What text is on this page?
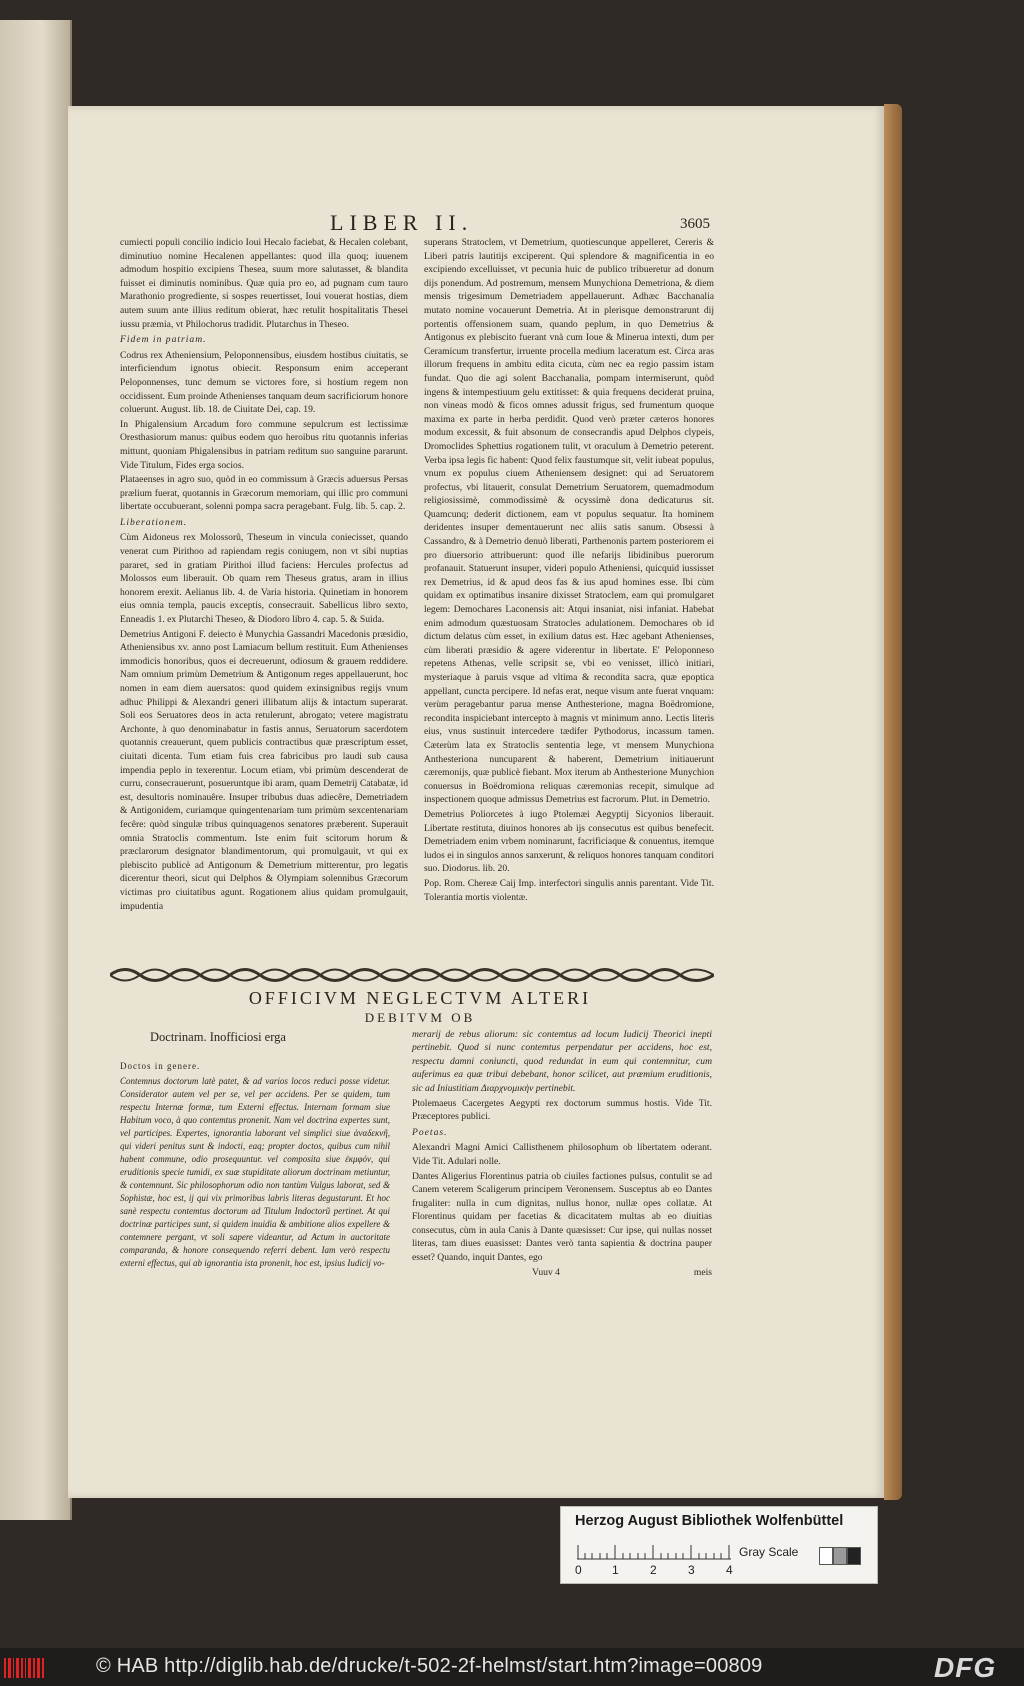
LIBER II.	3605

cumiecti populi concilio indicio Ioui Hecalo faciebat, & Hecalen colebant, diminutiuo nomine Hecalenen appellantes: quod illa quoq; iuuenem admodum hospitio excipiens Thesea, suum more salutasset, & blandita fuisset ei diminutis nominibus. Quæ quia pro eo, ad pugnam cum tauro Marathonio progrediente, si sospes reuertisset, Ioui vouerat hostias, diem autem suum ante illius reditum obierat, hæc retulit hospitalitatis Thesei iussu præmia, vt Philochorus tradidit. Plutarchus in Theseo.

Fidem in patriam.

Codrus rex Atheniensium, Peloponnensibus, eiusdem hostibus ciuitatis, se interficiendum ignotus obiecit. Responsum enim acceperant Peloponnenses, tunc demum se victores fore, si hostium regem non occidissent. Eum proinde Athenienses tanquam deum sacrificiorum honore coluerunt. August. lib. 18. de Ciuitate Dei, cap. 19.

In Phigalensium Arcadum foro commune sepulcrum est lectissimæ Oresthasiorum manus: quibus eodem quo heroibus ritu quotannis inferias mittunt, quoniam Phigalensibus in patriam reditum suo sanguine pararunt. Vide Titulum, Fides erga socios.

Plataeenses in agro suo, quòd in eo commissum à Græcis aduersus Persas prælium fuerat, quotannis in Græcorum memoriam, qui illic pro communi libertate occubuerant, solenni pompa sacra peragebant. Fulg. lib. 5. cap. 2.

Liberationem.

Cùm Aidoneus rex Molossorũ, Theseum in vincula coniecisset, quando venerat cum Pirithoo ad rapiendam regis coniugem, non vt sibi nuptias pararet, sed in gratiam Pirithoi illud faciens: Hercules profectus ad Molossos eum liberauit. Ob quam rem Theseus gratus, aram in illius honorem erexit. Aelianus lib. 4. de Varia historia. Quinetiam in honorem eius omnia templa, paucis exceptis, consecrauit. Sabellicus libro sexto, Enneadis 1. ex Plutarchi Theseo, & Diodoro libro 4. cap. 5. & Suida.

Demetrius Antigoni F. deiecto è Munychia Gassandri Macedonis præsidio, Atheniensibus xv. anno post Lamiacum bellum restituit. Eum Athenienses immodicis honoribus, quos ei decreuerunt, odiosum & grauem reddidere. Nam omnium primùm Demetrium & Antigonum reges appellauerunt, hoc nomen in eam diem auersatos: quod quidem exinsignibus regijs vnum adhuc Philippi & Alexandri generi illibatum alijs & intactum superarat. Soli eos Seruatores deos in acta retulerunt, abrogato; vetere magistratu Archonte, à quo denominabatur in fastis annus, Seruatorum sacerdotem quotannis creauerunt, quem publicis contractibus quæ præscriptum esset, ciuitati dicenta. Tum etiam fuis crea fabricibus pro laudi sub causa impendia peplo in texerentur. Locum etiam, vbi primùm descenderat de curru, consecrauerunt, posueruntque ibi aram, quam Demetrij Catabatæ, id est, desultoris nominauêre. Insuper tribubus duas adiecêre, Demetriadem & Antigonidem, curiamque quingentenariam tum primùm sexcentenariam fecêre: quòd singulæ tribus quinquagenos senatores præberent. Superauit omnia Stratoclis commentum. Iste enim fuit scitorum horum & præclarorum designator blandimentorum, qui promulgauit, vt qui ex plebiscito publicè ad Antigonum & Demetrium mitterentur, pro legatis dicerentur theori, sicut qui Delphos & Olympiam solennibus Græcorum victimas pro ciuitatibus agunt. Rogationem alius quidam promulgauit, impudentia

superans Stratoclem, vt Demetrium, quotiescunque appelleret, Cereris & Liberi patris lautitijs exciperent. Qui splendore & magnificentia in eo excipiendo excelluisset, vt pecunia huic de publico tribueretur ad donum dijs ponendum. Ad postremum, mensem Munychiona Demetriona, & diem mensis trigesimum Demetriadem appellauerunt. Adhæc Bacchanalia mutato nomine vocauerunt Demetria. At in plerisque demonstrarunt dij portentis offensionem suam, quando peplum, in quo Demetrius & Antigonus ex plebiscito fuerant vnà cum Ioue & Minerua intexti, dum per Ceramicum transfertur, irruente procella medium laceratum est. Circa aras illorum frequens in ambitu edita cicuta, cùm nec ea regio passim istam fundat. Quo die agi solent Bacchanalia, pompam intermiserunt, quòd ingens & intempestiuum gelu extitisset: & quia frequens deciderat pruina, non vineas modò & ficos omnes adussit frigus, sed frumentum quoque maxima ex parte in herba perdidit. Quod verò præter cæteros honores modum excessit, & fuit absonum de consecrandis apud Delphos clypeis, Dromoclides Sphettius rogationem tulit, vt oraculum à Demetrio peterent. Verba ipsa legis fic habent: Quod felix faustumque sit, velit iubeat populus, vnum ex populus ciuem Atheniensem designet: qui ad Seruatorem profectus, vbi litauerit, consulat Demetrium Seruatorem, quemadmodum religiosissimè, commodissimè & ocyssimè dona dedicaturus sit. Quamcunq; dederit dictionem, eam vt populus sequatur. Ita hominem deridentes insuper dementauerunt nec aliis satis sanum. Obsessi à Cassandro, & à Demetrio denuò liberati, Parthenonis partem posteriorem ei pro diuersorio attribuerunt: quod ille nefarijs libidinibus puerorum profanauit. Statuerunt insuper, videri populo Atheniensi, quicquid iussisset rex Demetrius, id & apud deos fas & ius apud homines esse. Ibi cùm quidam ex optimatibus insanire dixisset Stratoclem, eam qui promulgaret legem: Demochares Laconensis ait: Atqui insaniat, nisi infaniat. Habebat enim admodum quæstuosam Stratocles adulationem. Demochares ob id dictum delatus cùm esset, in exilium datus est. Hæc agebant Athenienses, cùm liberati præsidio & agere viderentur in libertate. E' Peloponneso repetens Athenas, velle scripsit se, vbi eo venisset, illicò initiari, mysteriaque à paruis vsque ad vltima & recondita sacra, quæ epoptica appellant, cuncta percipere. Id nefas erat, neque visum ante fuerat vnquam: verùm peragebantur parua mense Anthesterione, magna Boëdromione, recondita inspiciebant intercepto à magnis vt minimum anno. Lectis literis eius, vnus sustinuit intercedere tædifer Pythodorus, incassum tamen. Cæterùm lata ex Stratoclis sententia lege, vt mensem Munychiona Anthesteriona nuncuparent & haberent, Demetrium initiauerunt cæremonijs, quæ publicè fiebant. Mox iterum ab Anthesterione Munychion conuersus in Boëdromiona reliquas cæremonias recepit, simulque ad inspectionem quoque admissus Demetrius est facrorum. Plut. in Demetrio.

Demetrius Poliorcetes à iugo Ptolemæi Aegyptij Sicyonios liberauit. Libertate restituta, diuinos honores ab ijs consecutus est quibus benefecit. Demetriadem enim vrbem nominarunt, facrificiaque & conuentus, itemque ludos ei in singulos annos sanxerunt, & reliquos honores tanquam conditori suo. Diodorus. lib. 20.

Pop. Rom. Chereæ Caij Imp. interfectori singulis annis parentant. Vide Tit. Tolerantia mortis violentæ.

OFFICIVM NEGLECTVM ALTERI
DEBITVM OB
Doctrinam. Inofficiosi erga
Doctos in genere.
Contemnus doctorum latè patet, & ad varios locos reduci posse videtur. Considerator autem vel per se, vel per accidens. Per se quidem, tum respectu Internæ formæ, tum Externi effectus. Internam formam siue Habitum voco, à quo contemtus pronenit. Nam vel doctrina expertes sunt, vel participes. Expertes, ignorantia laborant vel simplici siue ἀναδεκνῆ, qui videri penitus sunt & indocti, eaq; propter doctos, quibus cum nihil habent commune, odio prosequuntur. vel composita siue ἐκμφόν, qui eruditionis specie tumidi, ex suæ stupiditate aliorum doctrinam metiuntur, & contemnunt. Sic philosophorum odio non tantùm Vulgus laborat, sed & Sophistæ, hoc est, ij qui vix primoribus labris literas degustarunt. Et hoc sanè respectu contemtus doctorum ad Titulum Indoctorũ pertinet. At qui doctrinæ participes sunt, si quidem inuidia & ambitione alios expellere & contemnere pergant, vt soli sapere videantur, ad Actum in auctoritate comparanda, & honore consequendo referri debent. Iam verò respectu externi effectus, qui ab ignorantia ista pronenit, hoc est, ipsius Iudicij vo-

merarij de rebus aliorum: sic contemtus ad locum Iudicij Theorici inepti pertinebit. Quod si nunc contemtus perpendatur per accidens, hoc est, respectu damni coniuncti, quod redundat in eum qui contemnitur, cum auferimus ea quæ tribui debebant, honor scilicet, aut præmium eruditionis, sic ad Iniustitiam Διαρχνομικὴν pertinebit.

Ptolemaeus Cacergetes Aegypti rex doctorum summus hostis. Vide Tit. Præceptores publici.

Poetas.

Alexandri Magni Amici Callisthenem philosophum ob libertatem oderant. Vide Tit. Adulari nolle.

Dantes Aligerius Florentinus patria ob ciuiles factiones pulsus, contulit se ad Canem veterem Scaligerum principem Veronensem. Susceptus ab eo Dantes frugaliter: nulla in cum dignitas, nullus honor, nullæ opes collatæ. At Florentinus quidam per facetias & dicacitatem multas ab eo diuitias consecutus, cùm in aula Canis à Dante quæsisset: Cur ipse, qui nullas nosset literas, tam diues euasisset: Dantes verò tanta sapientia & doctrina pauper esset? Quando, inquit Dantes, ego

Vuuv 4	meis

Herzog August Bibliothek Wolfenbüttel
0	1	2	3	4
Gray Scale
© HAB http://diglib.hab.de/drucke/t-502-2f-helmst/start.htm?image=00809	DFG
